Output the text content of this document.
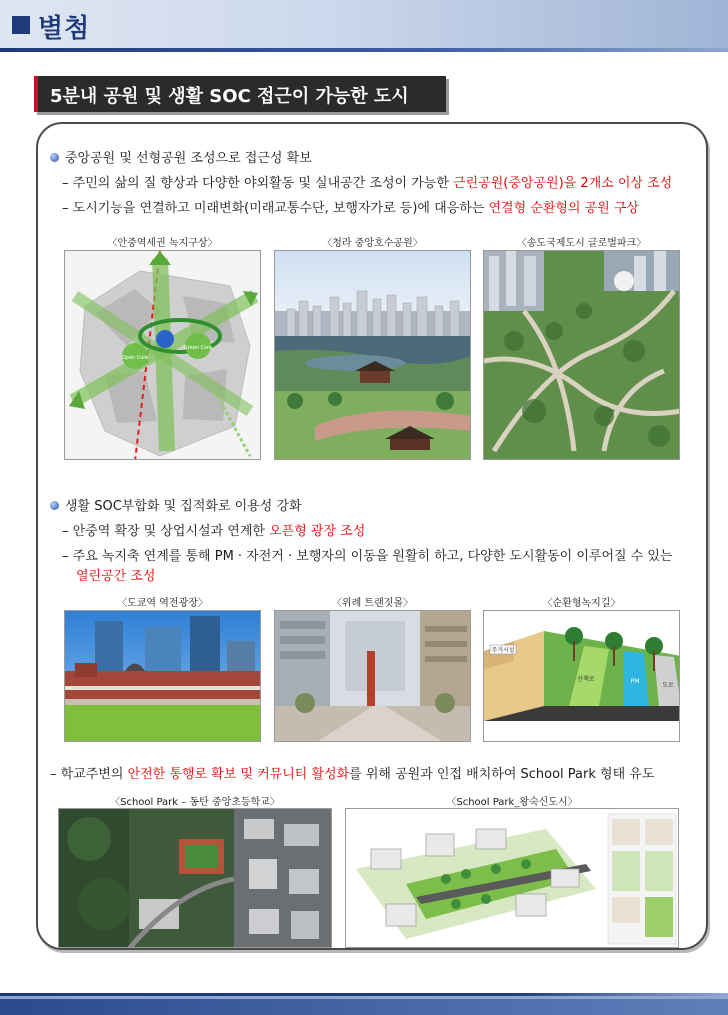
별첨
5분내 공원 및 생활 SOC 접근이 가능한 도시
중앙공원 및 선형공원 조성으로 접근성 확보
– 주민의 삶의 질 향상과 다양한 야외활동 및 실내공간 조성이 가능한 근린공원(중앙공원)을 2개소 이상 조성
– 도시기능을 연결하고 미래변화(미래교통수단, 보행자가로 등)에 대응하는 연결형 순환형의 공원 구상
〈안중역세권 녹지구상〉	〈청라 중앙호수공원〉	〈송도국제도시 글로벌파크〉
Open Core
Green Core
생활 SOC부합화 및 집적화로 이용성 강화
– 안중역 확장 및 상업시설과 연계한 오픈형 광장 조성
– 주요 녹지축 연계를 통해 PM · 자전거 · 보행자의 이동을 원활히 하고, 다양한 도시활동이 이루어질 수 있는
열린공간 조성
〈도쿄역 역전광장〉	〈위례 트랜짓몰〉	〈순환형녹지길〉
주거시설
산책로	PM
도로
– 학교주변의 안전한 통행로 확보 및 커뮤니티 활성화를 위해 공원과 인접 배치하여 School Park 형태 유도
〈School Park – 동탄 중앙초등학교〉	〈School Park_왕숙신도시〉
